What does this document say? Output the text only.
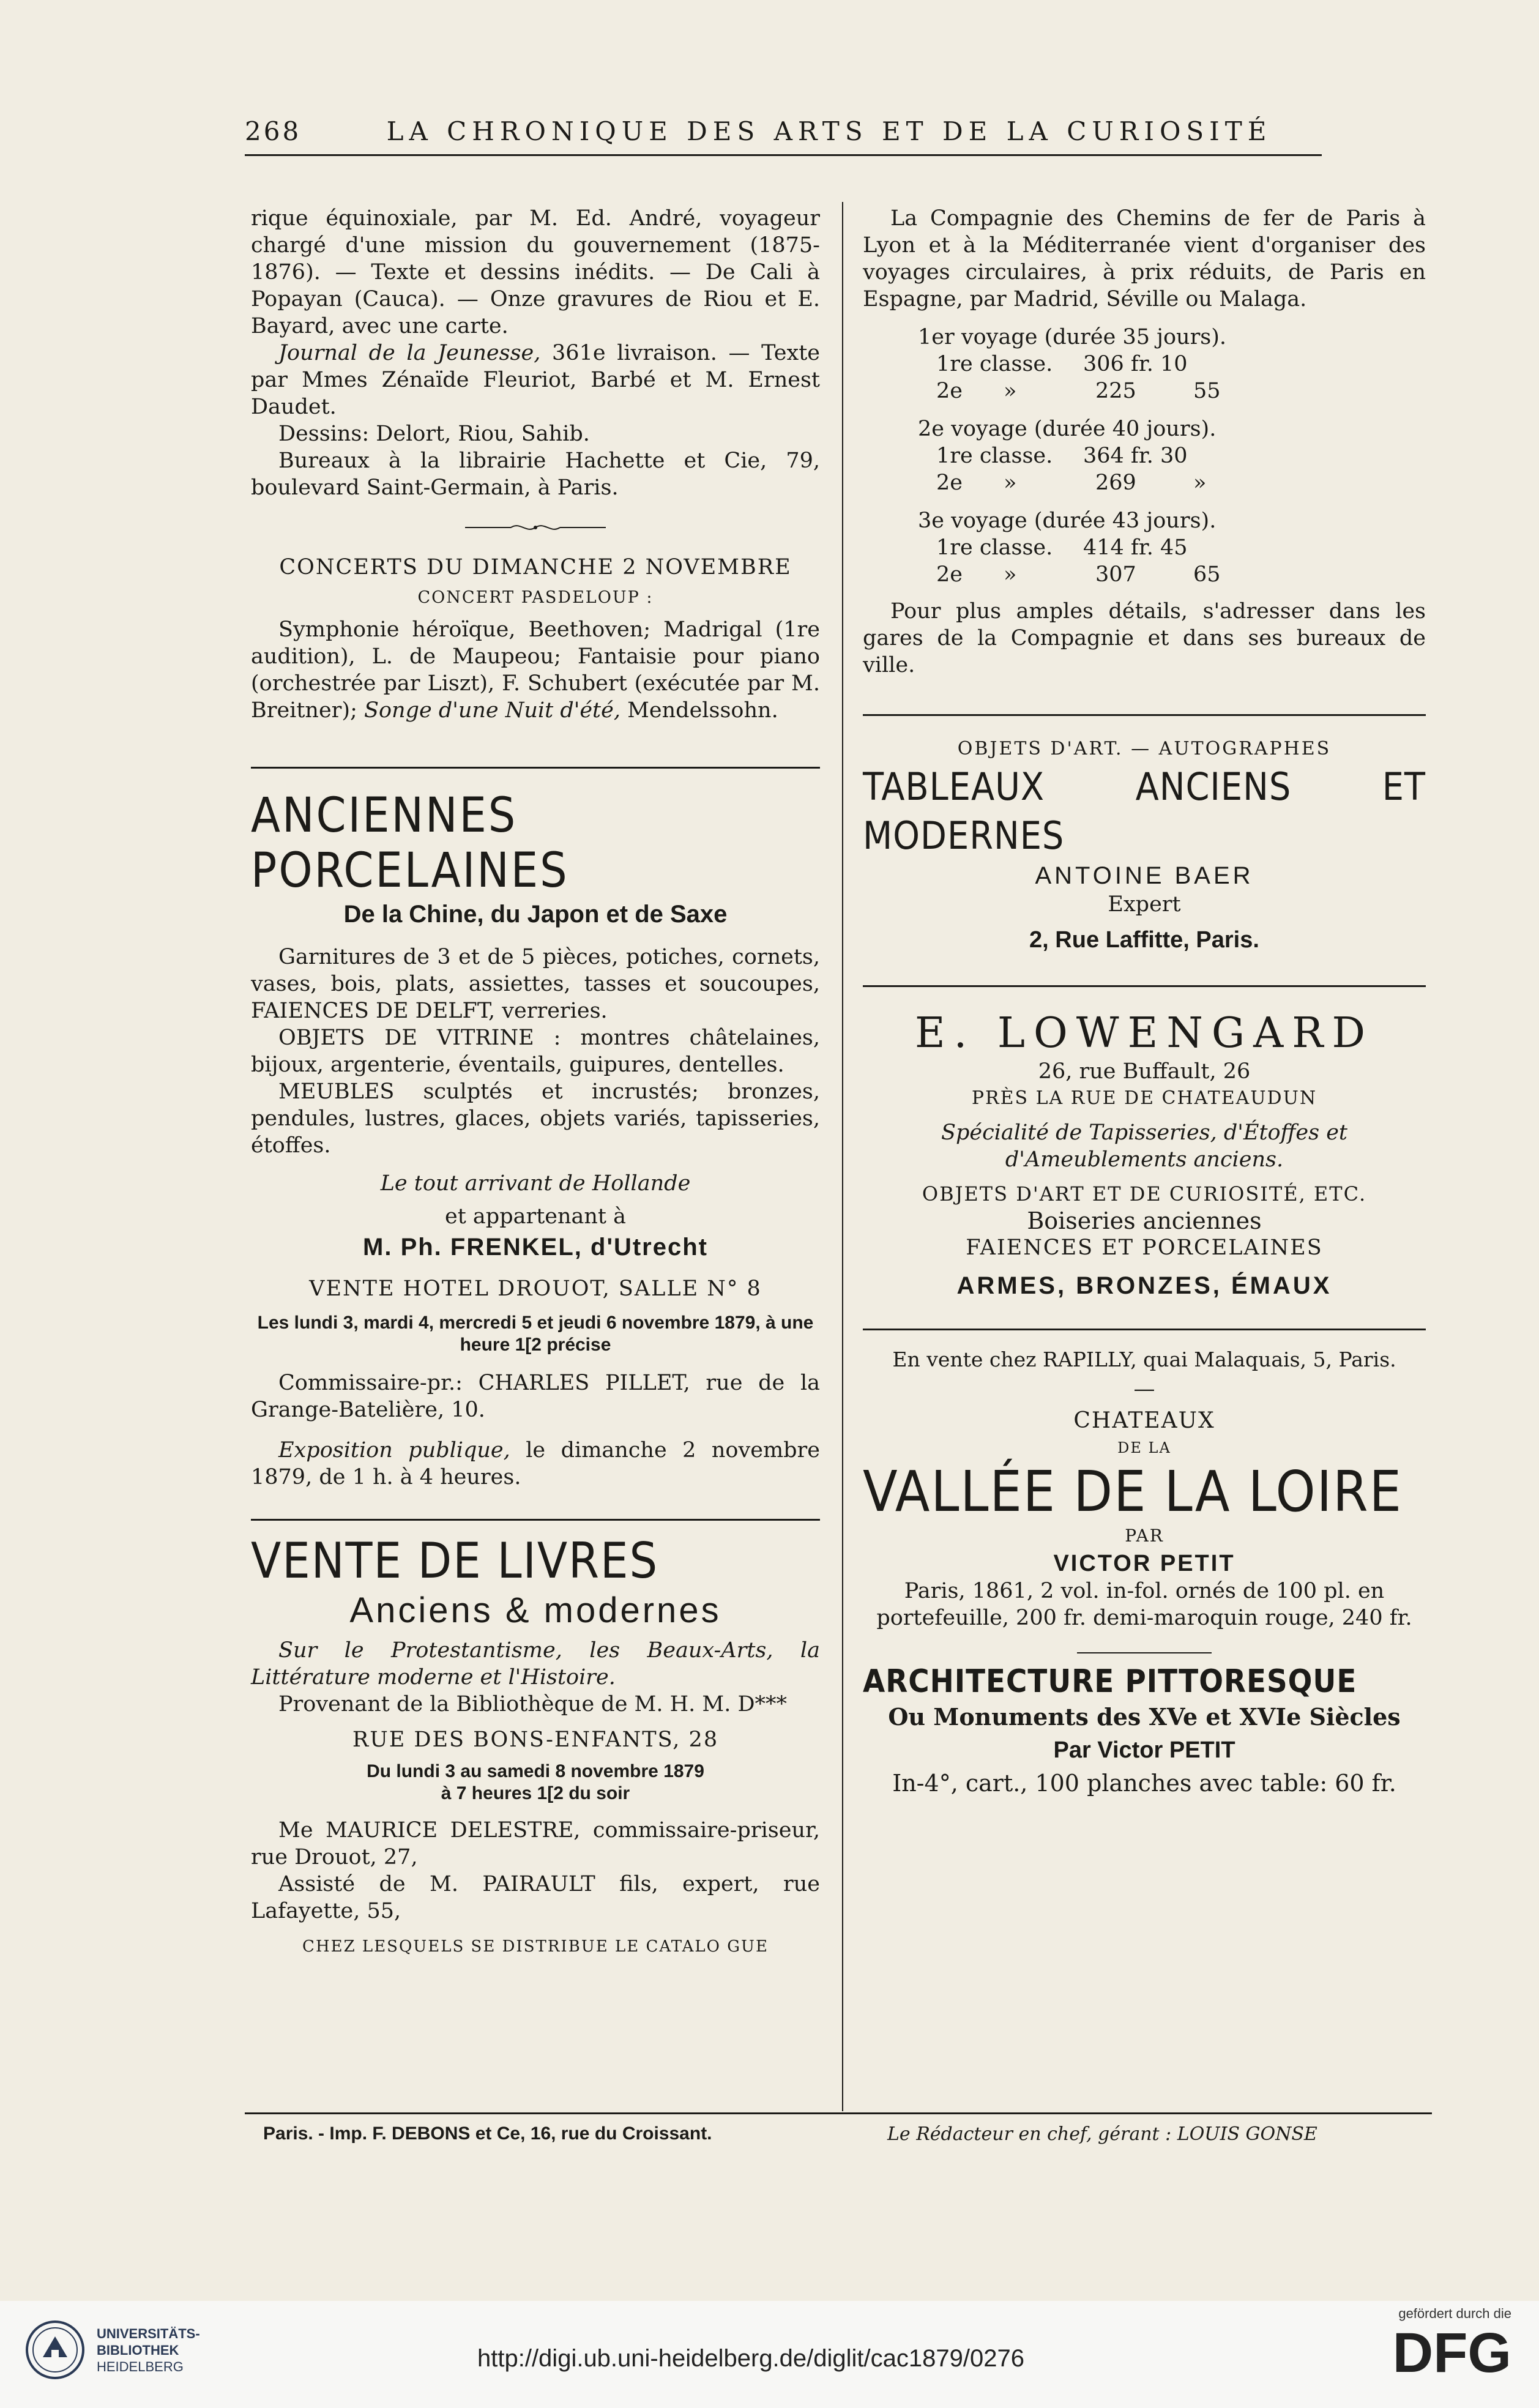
268	LA CHRONIQUE DES ARTS ET DE LA CURIOSITÉ

rique équinoxiale, par M. Ed. André, voyageur chargé d'une mission du gouvernement (1875-1876). — Texte et dessins inédits. — De Cali à Popayan (Cauca). — Onze gravures de Riou et E. Bayard, avec une carte.

Journal de la Jeunesse, 361e livraison. — Texte par Mmes Zénaïde Fleuriot, Barbé et M. Ernest Daudet.

Dessins: Delort, Riou, Sahib.

Bureaux à la librairie Hachette et Cie, 79, boulevard Saint-Germain, à Paris.

CONCERTS DU DIMANCHE 2 NOVEMBRE

CONCERT PASDELOUP :

Symphonie héroïque, Beethoven; Madrigal (1re audition), L. de Maupeou; Fantaisie pour piano (orchestrée par Liszt), F. Schubert (exécutée par M. Breitner); Songe d'une Nuit d'été, Mendelssohn.

ANCIENNES PORCELAINES

De la Chine, du Japon et de Saxe

Garnitures de 3 et de 5 pièces, potiches, cornets, vases, bois, plats, assiettes, tasses et soucoupes, FAIENCES DE DELFT, verreries.

OBJETS DE VITRINE : montres châtelaines, bijoux, argenterie, éventails, guipures, dentelles.

MEUBLES sculptés et incrustés; bronzes, pendules, lustres, glaces, objets variés, tapisseries, étoffes.

Le tout arrivant de Hollande

et appartenant à

M. Ph. FRENKEL, d'Utrecht

VENTE HOTEL DROUOT, SALLE N° 8

Les lundi 3, mardi 4, mercredi 5 et jeudi 6 novembre 1879, à une heure 1[2 précise

Commissaire-pr.: CHARLES PILLET, rue de la Grange-Batelière, 10.

Exposition publique, le dimanche 2 novembre 1879, de 1 h. à 4 heures.

VENTE DE LIVRES

Anciens & modernes

Sur le Protestantisme, les Beaux-Arts, la Littérature moderne et l'Histoire.

Provenant de la Bibliothèque de M. H. M. D***

RUE DES BONS-ENFANTS, 28

Du lundi 3 au samedi 8 novembre 1879

à 7 heures 1[2 du soir

Me MAURICE DELESTRE, commissaire-priseur, rue Drouot, 27,

Assisté de M. PAIRAULT fils, expert, rue Lafayette, 55,

CHEZ LESQUELS SE DISTRIBUE LE CATALO GUE

La Compagnie des Chemins de fer de Paris à Lyon et à la Méditerranée vient d'organiser des voyages circulaires, à prix réduits, de Paris en Espagne, par Madrid, Séville ou Malaga.

1er voyage (durée 35 jours).

1re classe.	306 fr. 10
2e	»	225	55

2e voyage (durée 40 jours).

1re classe.	364 fr. 30
2e	»	269	»

3e voyage (durée 43 jours).

1re classe.	414 fr. 45
2e	»	307	65

Pour plus amples détails, s'adresser dans les gares de la Compagnie et dans ses bureaux de ville.

OBJETS D'ART. — AUTOGRAPHES

TABLEAUX ANCIENS ET MODERNES

ANTOINE BAER

Expert

2, Rue Laffitte, Paris.

E. LOWENGARD

26, rue Buffault, 26

PRÈS LA RUE DE CHATEAUDUN

Spécialité de Tapisseries, d'Étoffes et d'Ameublements anciens.

OBJETS D'ART ET DE CURIOSITÉ, ETC.

Boiseries anciennes

FAIENCES ET PORCELAINES

ARMES, BRONZES, ÉMAUX

En vente chez RAPILLY, quai Malaquais, 5, Paris.

—

CHATEAUX

DE LA

VALLÉE DE LA LOIRE

PAR

VICTOR PETIT

Paris, 1861, 2 vol. in-fol. ornés de 100 pl. en portefeuille, 200 fr. demi-maroquin rouge, 240 fr.

ARCHITECTURE PITTORESQUE

Ou Monuments des XVe et XVIe Siècles

Par Victor PETIT

In-4°, cart., 100 planches avec table: 60 fr.

Paris. - Imp. F. DEBONS et Ce, 16, rue du Croissant.	Le Rédacteur en chef, gérant : LOUIS GONSE
UNIVERSITÄTS-
BIBLIOTHEK
HEIDELBERG	http://digi.ub.uni-heidelberg.de/diglit/cac1879/0276
gefördert durch die
DFG
